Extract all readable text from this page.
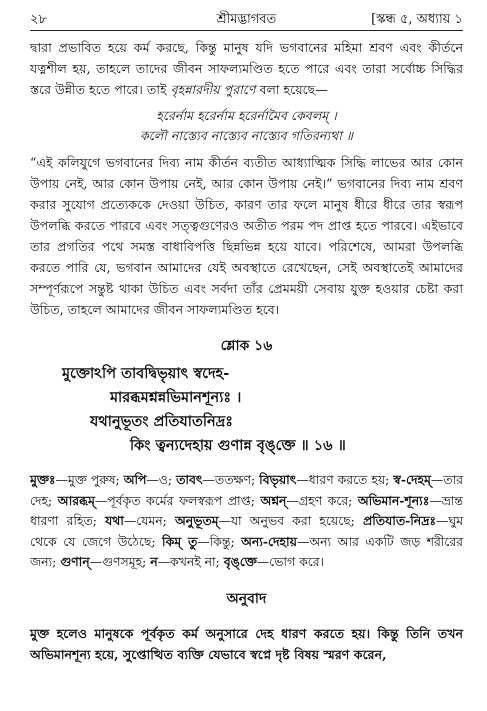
২৮	শ্রীমদ্ভাগবত	[স্কন্ধ ৫, অধ্যায় ১

দ্বারা প্রভাবিত হয়ে কর্ম করছে, কিন্তু মানুষ যদি ভগবানের মহিমা শ্রবণ এবং কীর্তনে যত্নশীল হয়, তাহলে তাদের জীবন সাফল্যমণ্ডিত হতে পারে এবং তারা সর্বোচ্চ সিদ্ধির স্তরে উন্নীত হতে পারে। তাই বৃহন্নারদীয় পুরাণে বলা হয়েছে—

হরের্নাম হরের্নাম হরের্নামৈব কেবলম্ ।
কলৌ নাস্ত্যেব নাস্ত্যেব নাস্ত্যেব গতিরন্যথা ॥

“এই কলিযুগে ভগবানের দিব্য নাম কীর্তন ব্যতীত আধ্যাত্মিক সিদ্ধি লাভের আর কোন উপায় নেই, আর কোন উপায় নেই, আর কোন উপায় নেই।” ভগবানের দিব্য নাম শ্রবণ করার সুযোগ প্রত্যেককে দেওয়া উচিত, কারণ তার ফলে মানুষ ধীরে ধীরে তার স্বরূপ উপলব্ধি করতে পারবে এবং সত্ত্বগুণেরও অতীত পরম পদ প্রাপ্ত হতে পারবে। এইভাবে তার প্রগতির পথে সমস্ত বাধাবিপত্তি ছিন্নভিন্ন হয়ে যাবে। পরিশেষে, আমরা উপলব্ধি করতে পারি যে, ভগবান আমাদের যেই অবস্থাতে রেখেছেন, সেই অবস্থাতেই আমাদের সম্পূর্ণরূপে সন্তুষ্ট থাকা উচিত এবং সর্বদা তাঁর প্রেমময়ী সেবায় যুক্ত হওয়ার চেষ্টা করা উচিত, তাহলে আমাদের জীবন সাফল্যমণ্ডিত হবে।

শ্লোক ১৬
মুক্তোঽপি তাবদ্বিভৃয়াৎ স্বদেহ-
মারব্ধমশ্নন্নভিমানশূন্যঃ ।
যথানুভূতং প্রতিযাতনিদ্রঃ
কিং ত্বন্যদেহায় গুণান্ন বৃঙ্‌ক্তে ॥ ১৬ ॥
মুক্তঃ—মুক্ত পুরুষ; অপি—ও; তাবৎ—ততক্ষণ; বিভৃয়াৎ—ধারণ করতে হয়; স্ব-দেহম্—তার দেহ; আরব্ধম্—পূর্বকৃত কর্মের ফলস্বরূপ প্রাপ্ত; অশ্নন্—গ্রহণ করে; অভিমান-শূন্যঃ—ভ্রান্ত ধারণা রহিত; যথা—যেমন; অনুভূতম্—যা অনুভব করা হয়েছে; প্রতিযাত-নিদ্রঃ—ঘুম থেকে যে জেগে উঠেছে; কিম্ তু—কিন্তু; অন্য-দেহায়—অন্য আর একটি জড় শরীরের জন্য; গুণান্—গুণসমূহ; ন—কখনই না; বৃঙ্‌ক্তে—ভোগ করে।
অনুবাদ

মুক্ত হলেও মানুষকে পূর্বকৃত কর্ম অনুসারে দেহ ধারণ করতে হয়। কিন্তু তিনি তখন অভিমানশূন্য হয়ে, সুপ্তোত্থিত ব্যক্তি যেভাবে স্বপ্নে দৃষ্ট বিষয় স্মরণ করেন,
